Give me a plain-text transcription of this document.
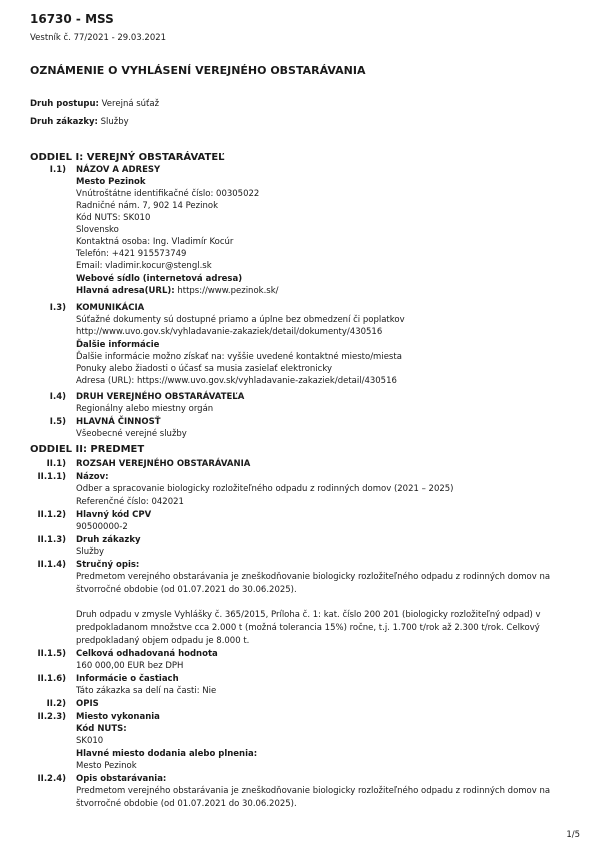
16730 - MSS
Vestník č. 77/2021 - 29.03.2021
OZNÁMENIE O VYHLÁSENÍ VEREJNÉHO OBSTARÁVANIA
Druh postupu: Verejná súťaž
Druh zákazky: Služby
ODDIEL I: VEREJNÝ OBSTARÁVATEĽ
I.1) NÁZOV A ADRESY
Mesto Pezinok
Vnútroštátne identifikačné číslo: 00305022
Radničné nám. 7, 902 14 Pezinok
Kód NUTS: SK010
Slovensko
Kontaktná osoba: Ing. Vladimír Kocúr
Telefón: +421 915573749
Email: vladimir.kocur@stengl.sk
Webové sídlo (internetová adresa)
Hlavná adresa(URL): https://www.pezinok.sk/
I.3) KOMUNIKÁCIA
Súťažné dokumenty sú dostupné priamo a úplne bez obmedzení či poplatkov
http://www.uvo.gov.sk/vyhladavanie-zakaziek/detail/dokumenty/430516
Ďalšie informácie
Ďalšie informácie možno získať na: vyššie uvedené kontaktné miesto/miesta
Ponuky alebo žiadosti o účasť sa musia zasielať elektronicky
Adresa (URL): https://www.uvo.gov.sk/vyhladavanie-zakaziek/detail/430516
I.4) DRUH VEREJNÉHO OBSTARÁVATEĽA
Regionálny alebo miestny orgán
I.5) HLAVNÁ ČINNOSŤ
Všeobecné verejné služby
ODDIEL II: PREDMET
II.1) ROZSAH VEREJNÉHO OBSTARÁVANIA
II.1.1) Názov:
Odber a spracovanie biologicky rozložiteľného odpadu z rodinných domov (2021 – 2025)
Referenčné číslo: 042021
II.1.2) Hlavný kód CPV
90500000-2
II.1.3) Druh zákazky
Služby
II.1.4) Stručný opis:
Predmetom verejného obstarávania je zneškodňovanie biologicky rozložiteľného odpadu z rodinných domov na štvorročné obdobie (od 01.07.2021 do 30.06.2025).
Druh odpadu v zmysle Vyhlášky č. 365/2015, Príloha č. 1: kat. číslo 200 201 (biologicky rozložiteľný odpad) v predpokladanom množstve cca 2.000 t (možná tolerancia 15%) ročne, t.j. 1.700 t/rok až 2.300 t/rok. Celkový predpokladaný objem odpadu je 8.000 t.
II.1.5) Celková odhadovaná hodnota
160 000,00 EUR bez DPH
II.1.6) Informácie o častiach
Táto zákazka sa delí na časti: Nie
II.2) OPIS
II.2.3) Miesto vykonania
Kód NUTS:
SK010
Hlavné miesto dodania alebo plnenia:
Mesto Pezinok
II.2.4) Opis obstarávania:
Predmetom verejného obstarávania je zneškodňovanie biologicky rozložiteľného odpadu z rodinných domov na štvorročné obdobie (od 01.07.2021 do 30.06.2025).
1/5
